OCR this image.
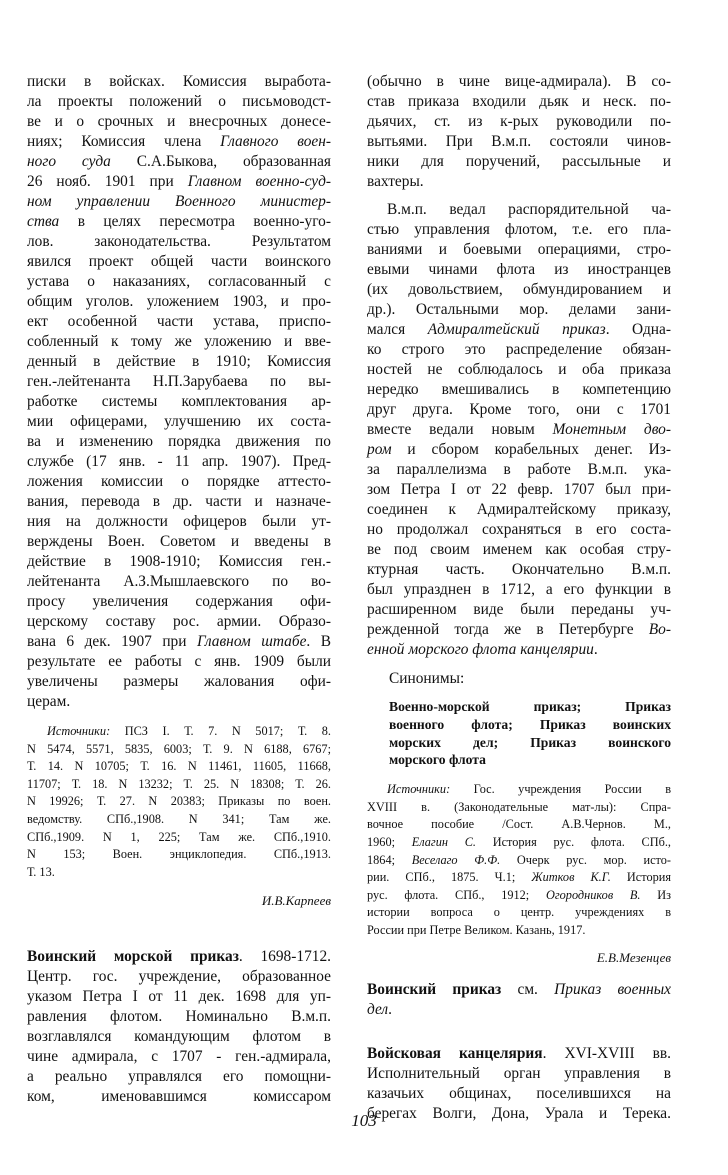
писки в войсках. Комиссия выработа-
ла проекты положений о письмоводст-
ве и о срочных и внесрочных донесе-
ниях; Комиссия члена Главного воен-
ного суда С.А.Быкова, образованная
26 нояб. 1901 при Главном военно-суд-
ном управлении Военного министер-
ства в целях пересмотра военно-уго-
лов. законодательства. Результатом
явился проект общей части воинского
устава о наказаниях, согласованный с
общим уголов. уложением 1903, и про-
ект особенной части устава, приспо-
собленный к тому же уложению и вве-
денный в действие в 1910; Комиссия
ген.-лейтенанта Н.П.Зарубаева по вы-
работке системы комплектования ар-
мии офицерами, улучшению их соста-
ва и изменению порядка движения по
службе (17 янв. - 11 апр. 1907). Пред-
ложения комиссии о порядке аттесто-
вания, перевода в др. части и назначе-
ния на должности офицеров были ут-
верждены Воен. Советом и введены в
действие в 1908-1910; Комиссия ген.-
лейтенанта А.З.Мышлаевского по во-
просу увеличения содержания офи-
церскому составу рос. армии. Образо-
вана 6 дек. 1907 при Главном штабе. В
результате ее работы с янв. 1909 были
увеличены размеры жалования офи-
церам.
Источники: ПСЗ I. Т. 7. N 5017; Т. 8.
N 5474, 5571, 5835, 6003; Т. 9. N 6188, 6767;
Т. 14. N 10705; Т. 16. N 11461, 11605, 11668,
11707; Т. 18. N 13232; Т. 25. N 18308; Т. 26.
N 19926; Т. 27. N 20383; Приказы по воен.
ведомству. СПб.,1908. N 341; Там же.
СПб.,1909. N 1, 225; Там же. СПб.,1910.
N 153; Воен. энциклопедия. СПб.,1913.
Т. 13.
И.В.Карпеев
Воинский морской приказ. 1698-1712.
Центр. гос. учреждение, образованное
указом Петра I от 11 дек. 1698 для уп-
равления флотом. Номинально В.м.п.
возглавлялся командующим флотом в
чине адмирала, с 1707 - ген.-адмирала,
а реально управлялся его помощни-
ком, именовавшимся комиссаром
(обычно в чине вице-адмирала). В со-
став приказа входили дьяк и неск. по-
дьячих, ст. из к-рых руководили по-
вытьями. При В.м.п. состояли чинов-
ники для поручений, рассыльные и
вахтеры.
В.м.п. ведал распорядительной ча-
стью управления флотом, т.е. его пла-
ваниями и боевыми операциями, стро-
евыми чинами флота из иностранцев
(их довольствием, обмундированием и
др.). Остальными мор. делами зани-
мался Адмиралтейский приказ. Одна-
ко строго это распределение обязан-
ностей не соблюдалось и оба приказа
нередко вмешивались в компетенцию
друг друга. Кроме того, они с 1701
вместе ведали новым Монетным дво-
ром и сбором корабельных денег. Из-
за параллелизма в работе В.м.п. ука-
зом Петра I от 22 февр. 1707 был при-
соединен к Адмиралтейскому приказу,
но продолжал сохраняться в его соста-
ве под своим именем как особая стру-
ктурная часть. Окончательно В.м.п.
был упразднен в 1712, а его функции в
расширенном виде были переданы уч-
режденной тогда же в Петербурге Во-
енной морского флота канцелярии.
Синонимы:
Военно-морской приказ; Приказ
военного флота; Приказ воинских
морских дел; Приказ воинского
морского флота
Источники: Гос. учреждения России в
XVIII в. (Законодательные мат-лы): Спра-
вочное пособие /Сост. А.В.Чернов. М.,
1960; Елагин С. История рус. флота. СПб.,
1864; Веселаго Ф.Ф. Очерк рус. мор. исто-
рии. СПб., 1875. Ч.1; Житков К.Г. История
рус. флота. СПб., 1912; Огородников В. Из
истории вопроса о центр. учреждениях в
России при Петре Великом. Казань, 1917.
Е.В.Мезенцев
Воинский приказ см. Приказ военных
дел.
Войсковая канцелярия. XVI-XVIII вв.
Исполнительный орган управления в
казачьих общинах, поселившихся на
берегах Волги, Дона, Урала и Терека.
103
